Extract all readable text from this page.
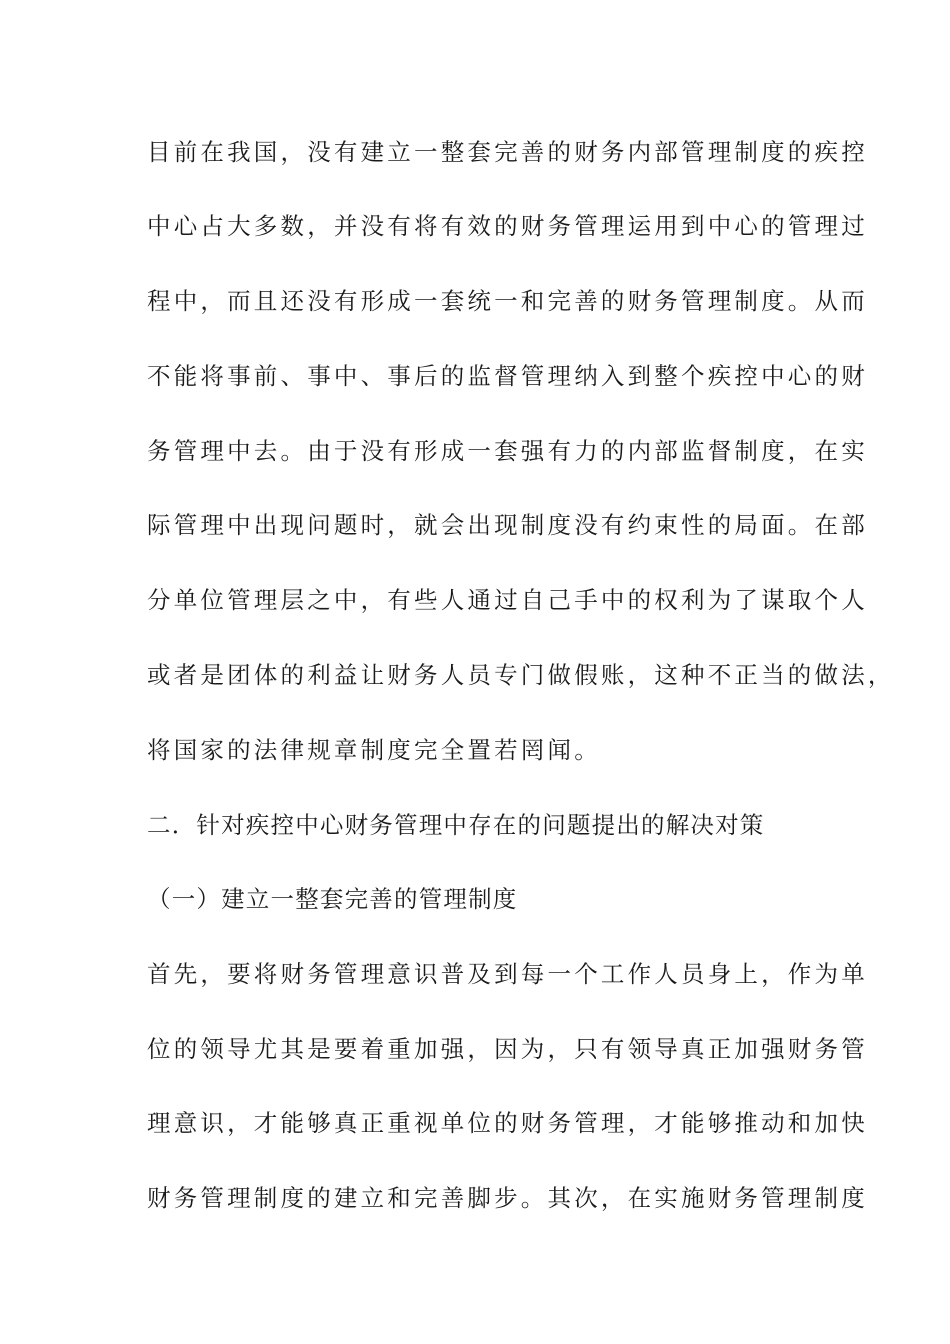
目前在我国，没有建立一整套完善的财务内部管理制度的疾控
中心占大多数，并没有将有效的财务管理运用到中心的管理过
程中，而且还没有形成一套统一和完善的财务管理制度。从而
不能将事前、事中、事后的监督管理纳入到整个疾控中心的财
务管理中去。由于没有形成一套强有力的内部监督制度，在实
际管理中出现问题时，就会出现制度没有约束性的局面。在部
分单位管理层之中，有些人通过自己手中的权利为了谋取个人
或者是团体的利益让财务人员专门做假账，这种不正当的做法，
将国家的法律规章制度完全置若罔闻。
二．针对疾控中心财务管理中存在的问题提出的解决对策
（一）建立一整套完善的管理制度
首先，要将财务管理意识普及到每一个工作人员身上，作为单
位的领导尤其是要着重加强，因为，只有领导真正加强财务管
理意识，才能够真正重视单位的财务管理，才能够推动和加快
财务管理制度的建立和完善脚步。其次，在实施财务管理制度
